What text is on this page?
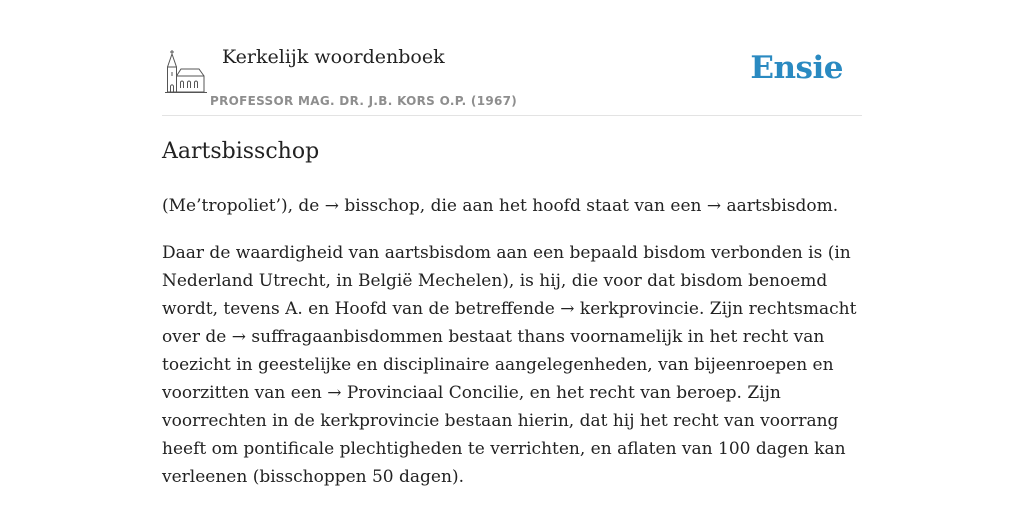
Kerkelijk woordenboek
PROFESSOR MAG. DR. J.B. KORS O.P. (1967)
Ensie
Aartsbisschop

(Me’tropoliet’), de → bisschop, die aan het hoofd staat van een → aartsbisdom.

Daar de waardigheid van aartsbisdom aan een bepaald bisdom verbonden is (in Nederland Utrecht, in België Mechelen), is hij, die voor dat bisdom benoemd wordt, tevens A. en Hoofd van de betreffende → kerkprovincie. Zijn rechtsmacht over de → suffragaanbisdommen bestaat thans voornamelijk in het recht van toezicht in geestelijke en disciplinaire aangelegenheden, van bijeenroepen en voorzitten van een → Provinciaal Concilie, en het recht van beroep. Zijn voorrechten in de kerkprovincie bestaan hierin, dat hij het recht van voorrang heeft om pontificale plechtigheden te verrichten, en aflaten van 100 dagen kan verleenen (bisschoppen 50 dagen).
